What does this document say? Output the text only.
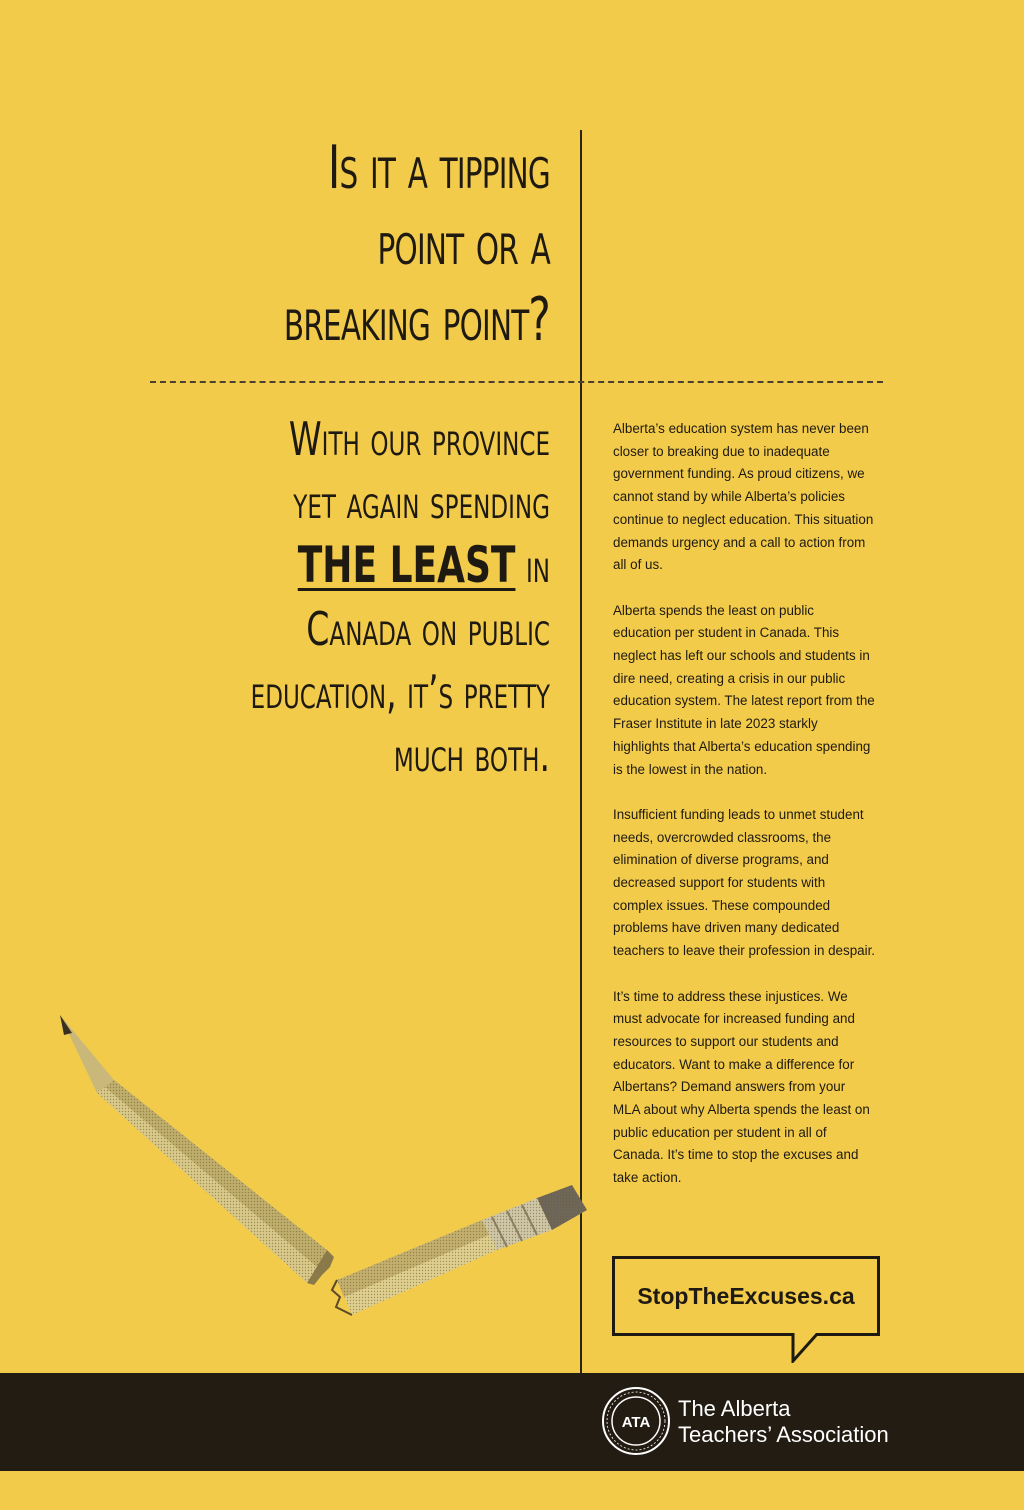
Is it a tipping
point or a
breaking point?
With our province
yet again spending
THE LEAST in
Canada on public
education, it’s pretty
much both.

Alberta’s education system has never been closer to breaking due to inadequate government funding. As proud citizens, we cannot stand by while Alberta’s policies continue to neglect education. This situation demands urgency and a call to action from all of us.

Alberta spends the least on public education per student in Canada. This neglect has left our schools and students in dire need, creating a crisis in our public education system. The latest report from the Fraser Institute in late 2023 starkly highlights that Alberta’s education spending is the lowest in the nation.

Insufficient funding leads to unmet student needs, overcrowded classrooms, the elimination of diverse programs, and decreased support for students with complex issues. These compounded problems have driven many dedicated teachers to leave their profession in despair.

It’s time to address these injustices. We must advocate for increased funding and resources to support our students and educators. Want to make a difference for Albertans? Demand answers from your MLA about why Alberta spends the least on public education per student in all of Canada. It’s time to stop the excuses and take action.

StopTheExcuses.ca
ATA
The Alberta
Teachers’ Association
